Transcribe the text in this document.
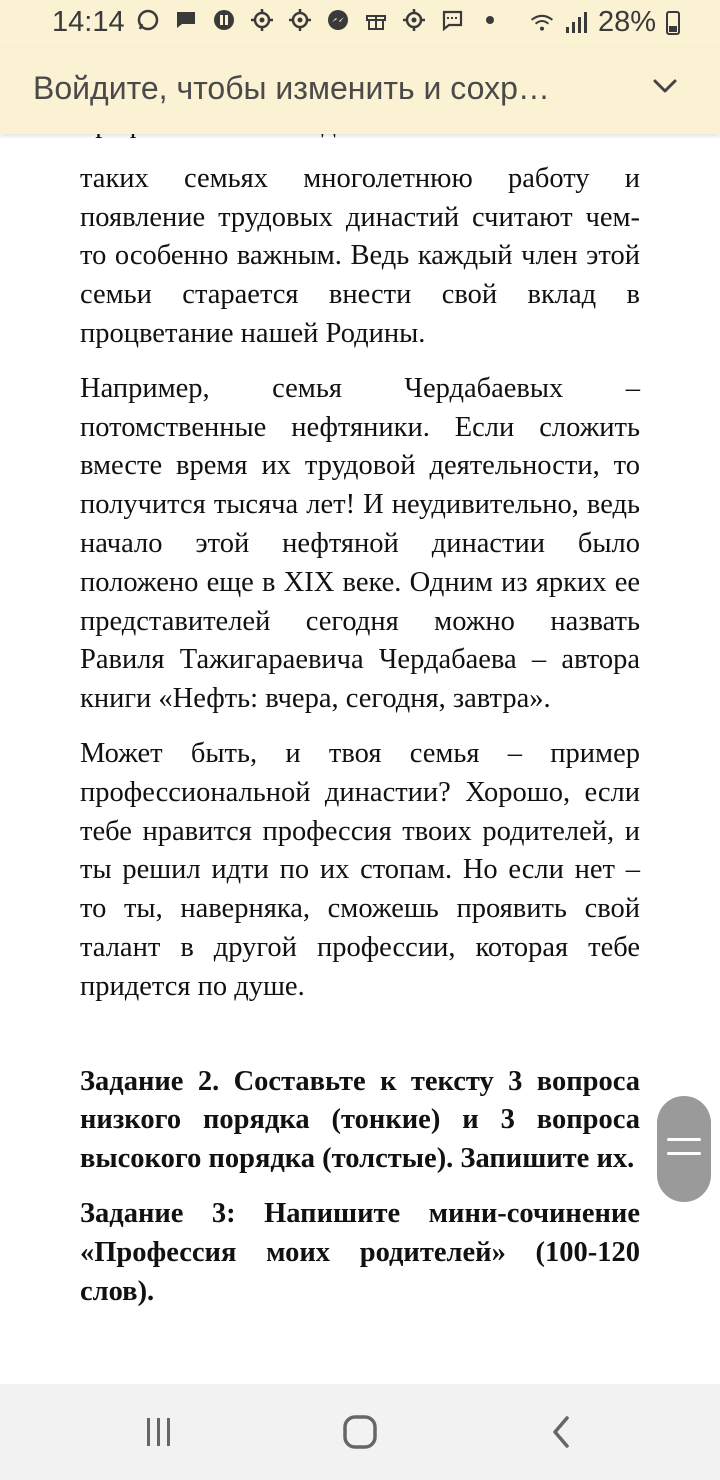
14:14	28%
Войдите, чтобы изменить и сохр…

таких семьях многолетнюю работу и появление трудовых династий считают чем- то особенно важным. Ведь каждый член этой семьи старается внести свой вклад в процветание нашей Родины.

Например, семья Чердабаевых – потомственные нефтяники. Если сложить вместе время их трудовой деятельности, то получится тысяча лет! И неудивительно, ведь начало этой нефтяной династии было положено еще в XIX веке. Одним из ярких ее представителей сегодня можно назвать Равиля Тажигараевича Чердабаева – автора книги «Нефть: вчера, сегодня, завтра».

Может быть, и твоя семья – пример профессиональной династии? Хорошо, если тебе нравится профессия твоих родителей, и ты решил идти по их стопам. Но если нет – то ты, наверняка, сможешь проявить свой талант в другой профессии, которая тебе придется по душе.

Задание 2. Составьте к тексту 3 вопроса низкого порядка (тонкие) и 3 вопроса высокого порядка (толстые). Запишите их.

Задание 3: Напишите мини-сочинение «Профессия моих родителей» (100-120 слов).
